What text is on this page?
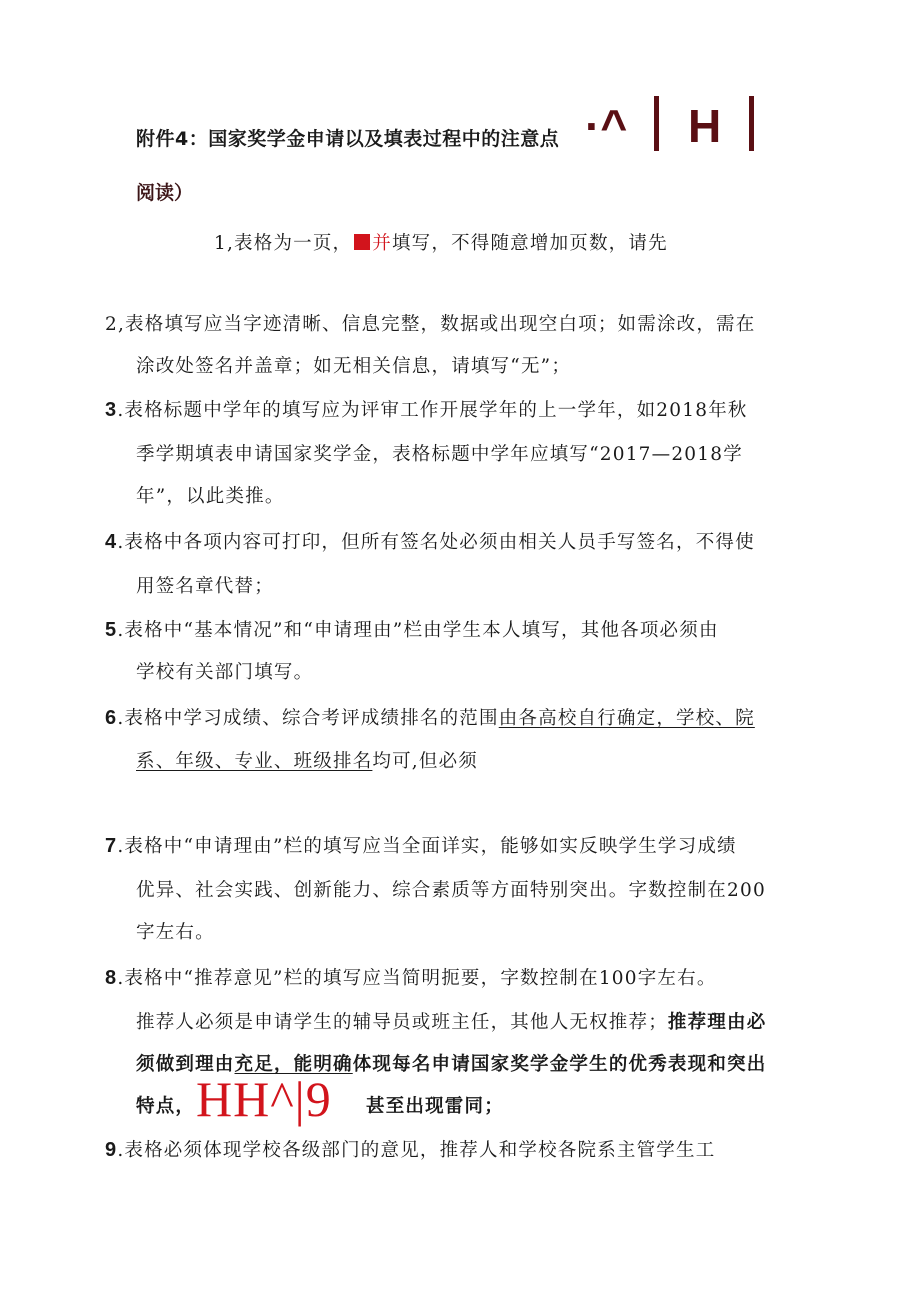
附件4：国家奖学金申请以及填表过程中的注意点 ·^ H
阅读）
1,表格为一页， 并填写，不得随意增加页数，请先
2,表格填写应当字迹清晰、信息完整，数据或出现空白项；如需涂改，需在
涂改处签名并盖章；如无相关信息，请填写“无”；
3.表格标题中学年的填写应为评审工作开展学年的上一学年，如2018年秋
季学期填表申请国家奖学金，表格标题中学年应填写“2017—2018学
年”，以此类推。
4.表格中各项内容可打印，但所有签名处必须由相关人员手写签名，不得使
用签名章代替；
5.表格中“基本情况”和“申请理由”栏由学生本人填写，其他各项必须由
学校有关部门填写。
6.表格中学习成绩、综合考评成绩排名的范围由各高校自行确定，学校、院
系、年级、专业、班级排名均可,但必须
7.表格中“申请理由”栏的填写应当全面详实，能够如实反映学生学习成绩
优异、社会实践、创新能力、综合素质等方面特别突出。字数控制在200
字左右。
8.表格中“推荐意见”栏的填写应当简明扼要，字数控制在100字左右。
推荐人必须是申请学生的辅导员或班主任，其他人无权推荐；推荐理由必
须做到理由充足，能明确体现每名申请国家奖学金学生的优秀表现和突出
特点， HH^|9 甚至出现雷同；
9.表格必须体现学校各级部门的意见，推荐人和学校各院系主管学生工
